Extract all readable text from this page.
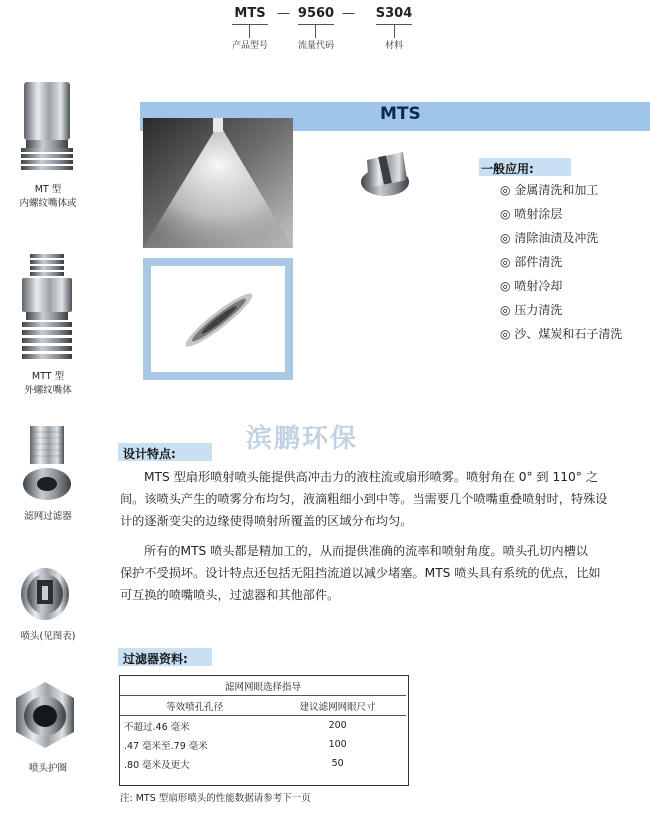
MTS — 9560 — S304
产品型号	流量代码	材料
MT 型
内螺纹嘴体或
MTT 型
外螺纹嘴体
滤网过滤器
喷头(见图表)
喷头护圈
MTS
一般应用:
◎ 金属清洗和加工
◎ 喷射涂层
◎ 清除油渍及冲洗
◎ 部件清洗
◎ 喷射冷却
◎ 压力清洗
◎ 沙、煤炭和石子清洗
滨鹏环保
设计特点:
MTS 型扇形喷射喷头能提供高冲击力的液柱流或扇形喷雾。喷射角在 0° 到 110° 之
间。该喷头产生的喷雾分布均匀，液滴粗细小到中等。当需要几个喷嘴重叠喷射时，特殊设
计的逐渐变尖的边缘使得喷射所覆盖的区域分布均匀。
所有的MTS 喷头都是精加工的，从而提供准确的流率和喷射角度。喷头孔切内槽以
保护不受损坏。设计特点还包括无阻挡流道以减少堵塞。MTS 喷头具有系统的优点，比如
可互换的喷嘴喷头，过滤器和其他部件。
过滤器资料:
滤网网眼选择指导	
等效喷孔孔径	建议滤网网眼尺寸
不超过.46 毫米	200
.47 毫米至.79 毫米	100
.80 毫米及更大	50
注: MTS 型扇形喷头的性能数据请参考下一页
